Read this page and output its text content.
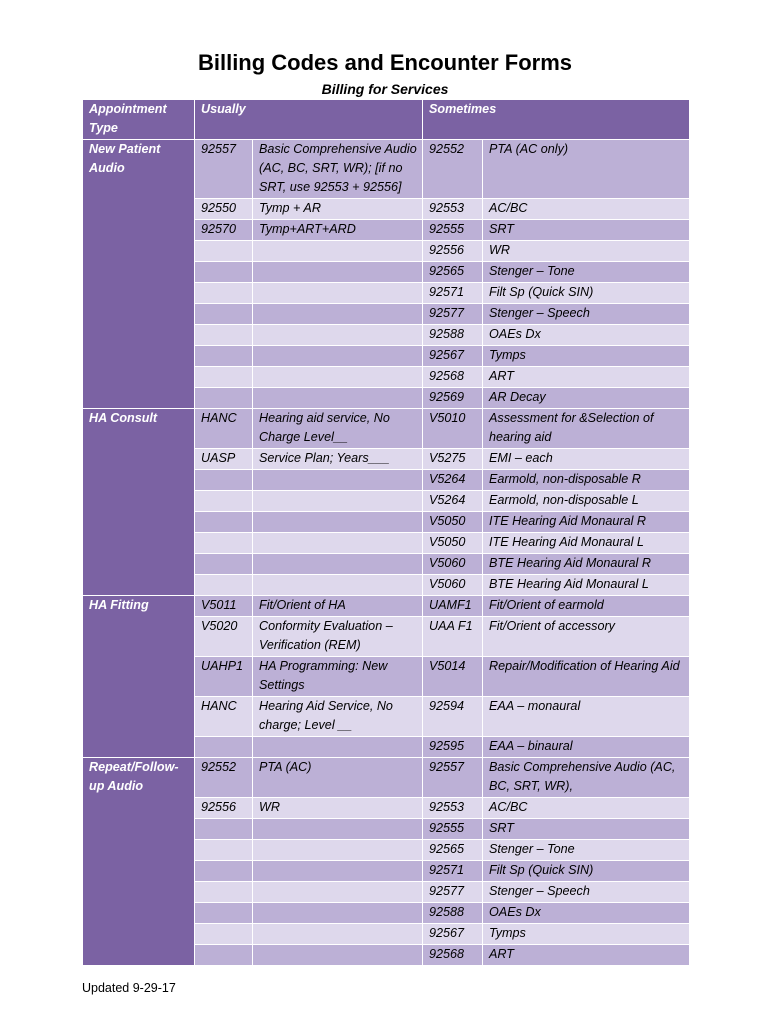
Billing Codes and Encounter Forms
Billing for Services
Appointment Type	Usually		Sometimes	
New Patient Audio	92557	Basic Comprehensive Audio (AC, BC, SRT, WR); [if no SRT, use 92553 + 92556]	92552	PTA (AC only)
	92550	Tymp + AR	92553	AC/BC
	92570	Tymp+ART+ARD	92555	SRT
			92556	WR
			92565	Stenger – Tone
			92571	Filt Sp (Quick SIN)
			92577	Stenger – Speech
			92588	OAEs Dx
			92567	Tymps
			92568	ART
			92569	AR Decay
HA Consult	HANC	Hearing aid service, No Charge Level__	V5010	Assessment for &Selection of hearing aid
	UASP	Service Plan; Years___	V5275	EMI – each
			V5264	Earmold, non-disposable R
			V5264	Earmold, non-disposable L
			V5050	ITE Hearing Aid Monaural R
			V5050	ITE Hearing Aid Monaural L
			V5060	BTE Hearing Aid Monaural R
			V5060	BTE Hearing Aid Monaural L
HA Fitting	V5011	Fit/Orient of HA	UAMF1	Fit/Orient of earmold
	V5020	Conformity Evaluation – Verification (REM)	UAA F1	Fit/Orient of accessory
	UAHP1	HA Programming: New Settings	V5014	Repair/Modification of Hearing Aid
	HANC	Hearing Aid Service, No charge; Level __	92594	EAA – monaural
			92595	EAA – binaural
Repeat/Follow-up Audio	92552	PTA (AC)	92557	Basic Comprehensive Audio (AC, BC, SRT, WR),
	92556	WR	92553	AC/BC
			92555	SRT
			92565	Stenger – Tone
			92571	Filt Sp (Quick SIN)
			92577	Stenger – Speech
			92588	OAEs Dx
			92567	Tymps
			92568	ART
Updated 9-29-17
